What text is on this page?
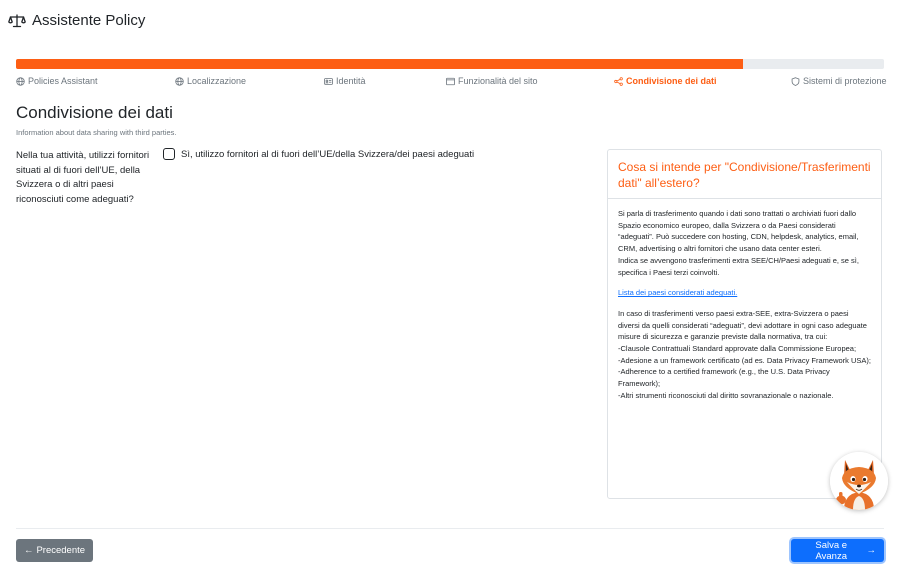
Assistente Policy
Policies Assistant	Localizzazione	Identità	Funzionalità del sito	Condivisione dei dati	Sistemi di protezione
Condivisione dei dati
Information about data sharing with third parties.
Nella tua attività, utilizzi fornitori situati al di fuori dell’UE, della Svizzera o di altri paesi riconosciuti come adeguati?
Sì, utilizzo fornitori al di fuori dell’UE/della Svizzera/dei paesi adeguati
Cosa si intende per "Condivisione/Trasferimenti dati" all’estero?

Si parla di trasferimento quando i dati sono trattati o archiviati fuori dallo Spazio economico europeo, dalla Svizzera o da Paesi considerati “adeguati”. Può succedere con hosting, CDN, helpdesk, analytics, email, CRM, advertising o altri fornitori che usano data center esteri.
Indica se avvengono trasferimenti extra SEE/CH/Paesi adeguati e, se sì, specifica i Paesi terzi coinvolti.

Lista dei paesi considerati adeguati.

In caso di trasferimenti verso paesi extra-SEE, extra-Svizzera o paesi diversi da quelli considerati “adeguati”, devi adottare in ogni caso adeguate misure di sicurezza e garanzie previste dalla normativa, tra cui:
-Clausole Contrattuali Standard approvate dalla Commissione Europea;
-Adesione a un framework certificato (ad es. Data Privacy Framework USA);
-Adherence to a certified framework (e.g., the U.S. Data Privacy Framework);
-Altri strumenti riconosciuti dal diritto sovranazionale o nazionale.

← Precedente	Salva e Avanza	→
